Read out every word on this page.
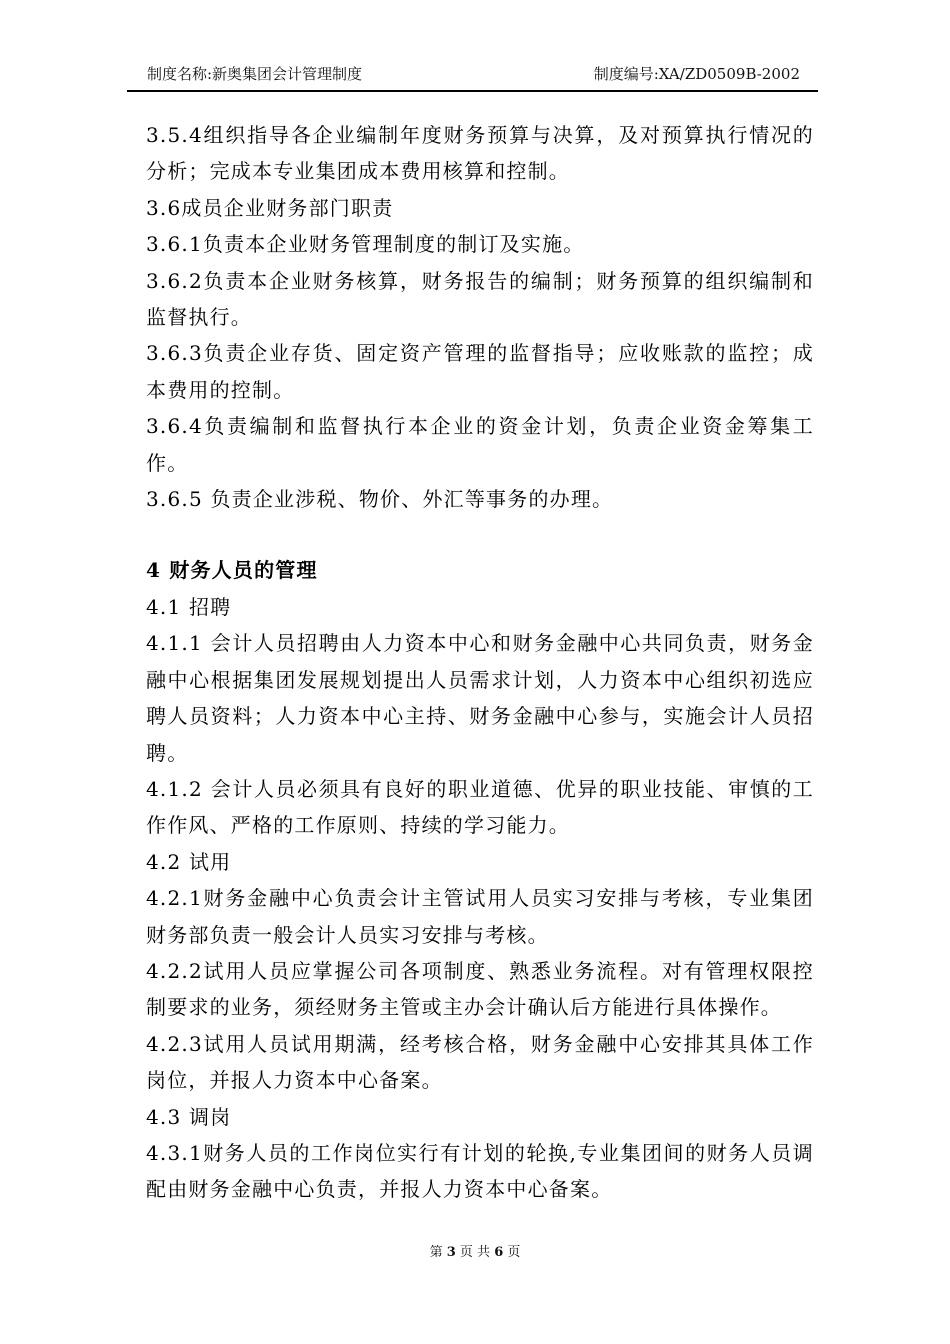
制度名称:新奥集团会计管理制度	制度编号:XA/ZD0509B-2002

3.5.4组织指导各企业编制年度财务预算与决算，及对预算执行情况的分析；完成本专业集团成本费用核算和控制。

3.6成员企业财务部门职责

3.6.1负责本企业财务管理制度的制订及实施。

3.6.2负责本企业财务核算，财务报告的编制；财务预算的组织编制和监督执行。

3.6.3负责企业存货、固定资产管理的监督指导；应收账款的监控；成本费用的控制。

3.6.4负责编制和监督执行本企业的资金计划，负责企业资金筹集工作。

3.6.5 负责企业涉税、物价、外汇等事务的办理。

4 财务人员的管理

4.1 招聘

4.1.1 会计人员招聘由人力资本中心和财务金融中心共同负责，财务金融中心根据集团发展规划提出人员需求计划，人力资本中心组织初选应聘人员资料；人力资本中心主持、财务金融中心参与，实施会计人员招聘。

4.1.2 会计人员必须具有良好的职业道德、优异的职业技能、审慎的工作作风、严格的工作原则、持续的学习能力。

4.2 试用

4.2.1财务金融中心负责会计主管试用人员实习安排与考核，专业集团财务部负责一般会计人员实习安排与考核。

4.2.2试用人员应掌握公司各项制度、熟悉业务流程。对有管理权限控制要求的业务，须经财务主管或主办会计确认后方能进行具体操作。

4.2.3试用人员试用期满，经考核合格，财务金融中心安排其具体工作岗位，并报人力资本中心备案。

4.3 调岗

4.3.1财务人员的工作岗位实行有计划的轮换,专业集团间的财务人员调配由财务金融中心负责，并报人力资本中心备案。

第 3 页 共 6 页
